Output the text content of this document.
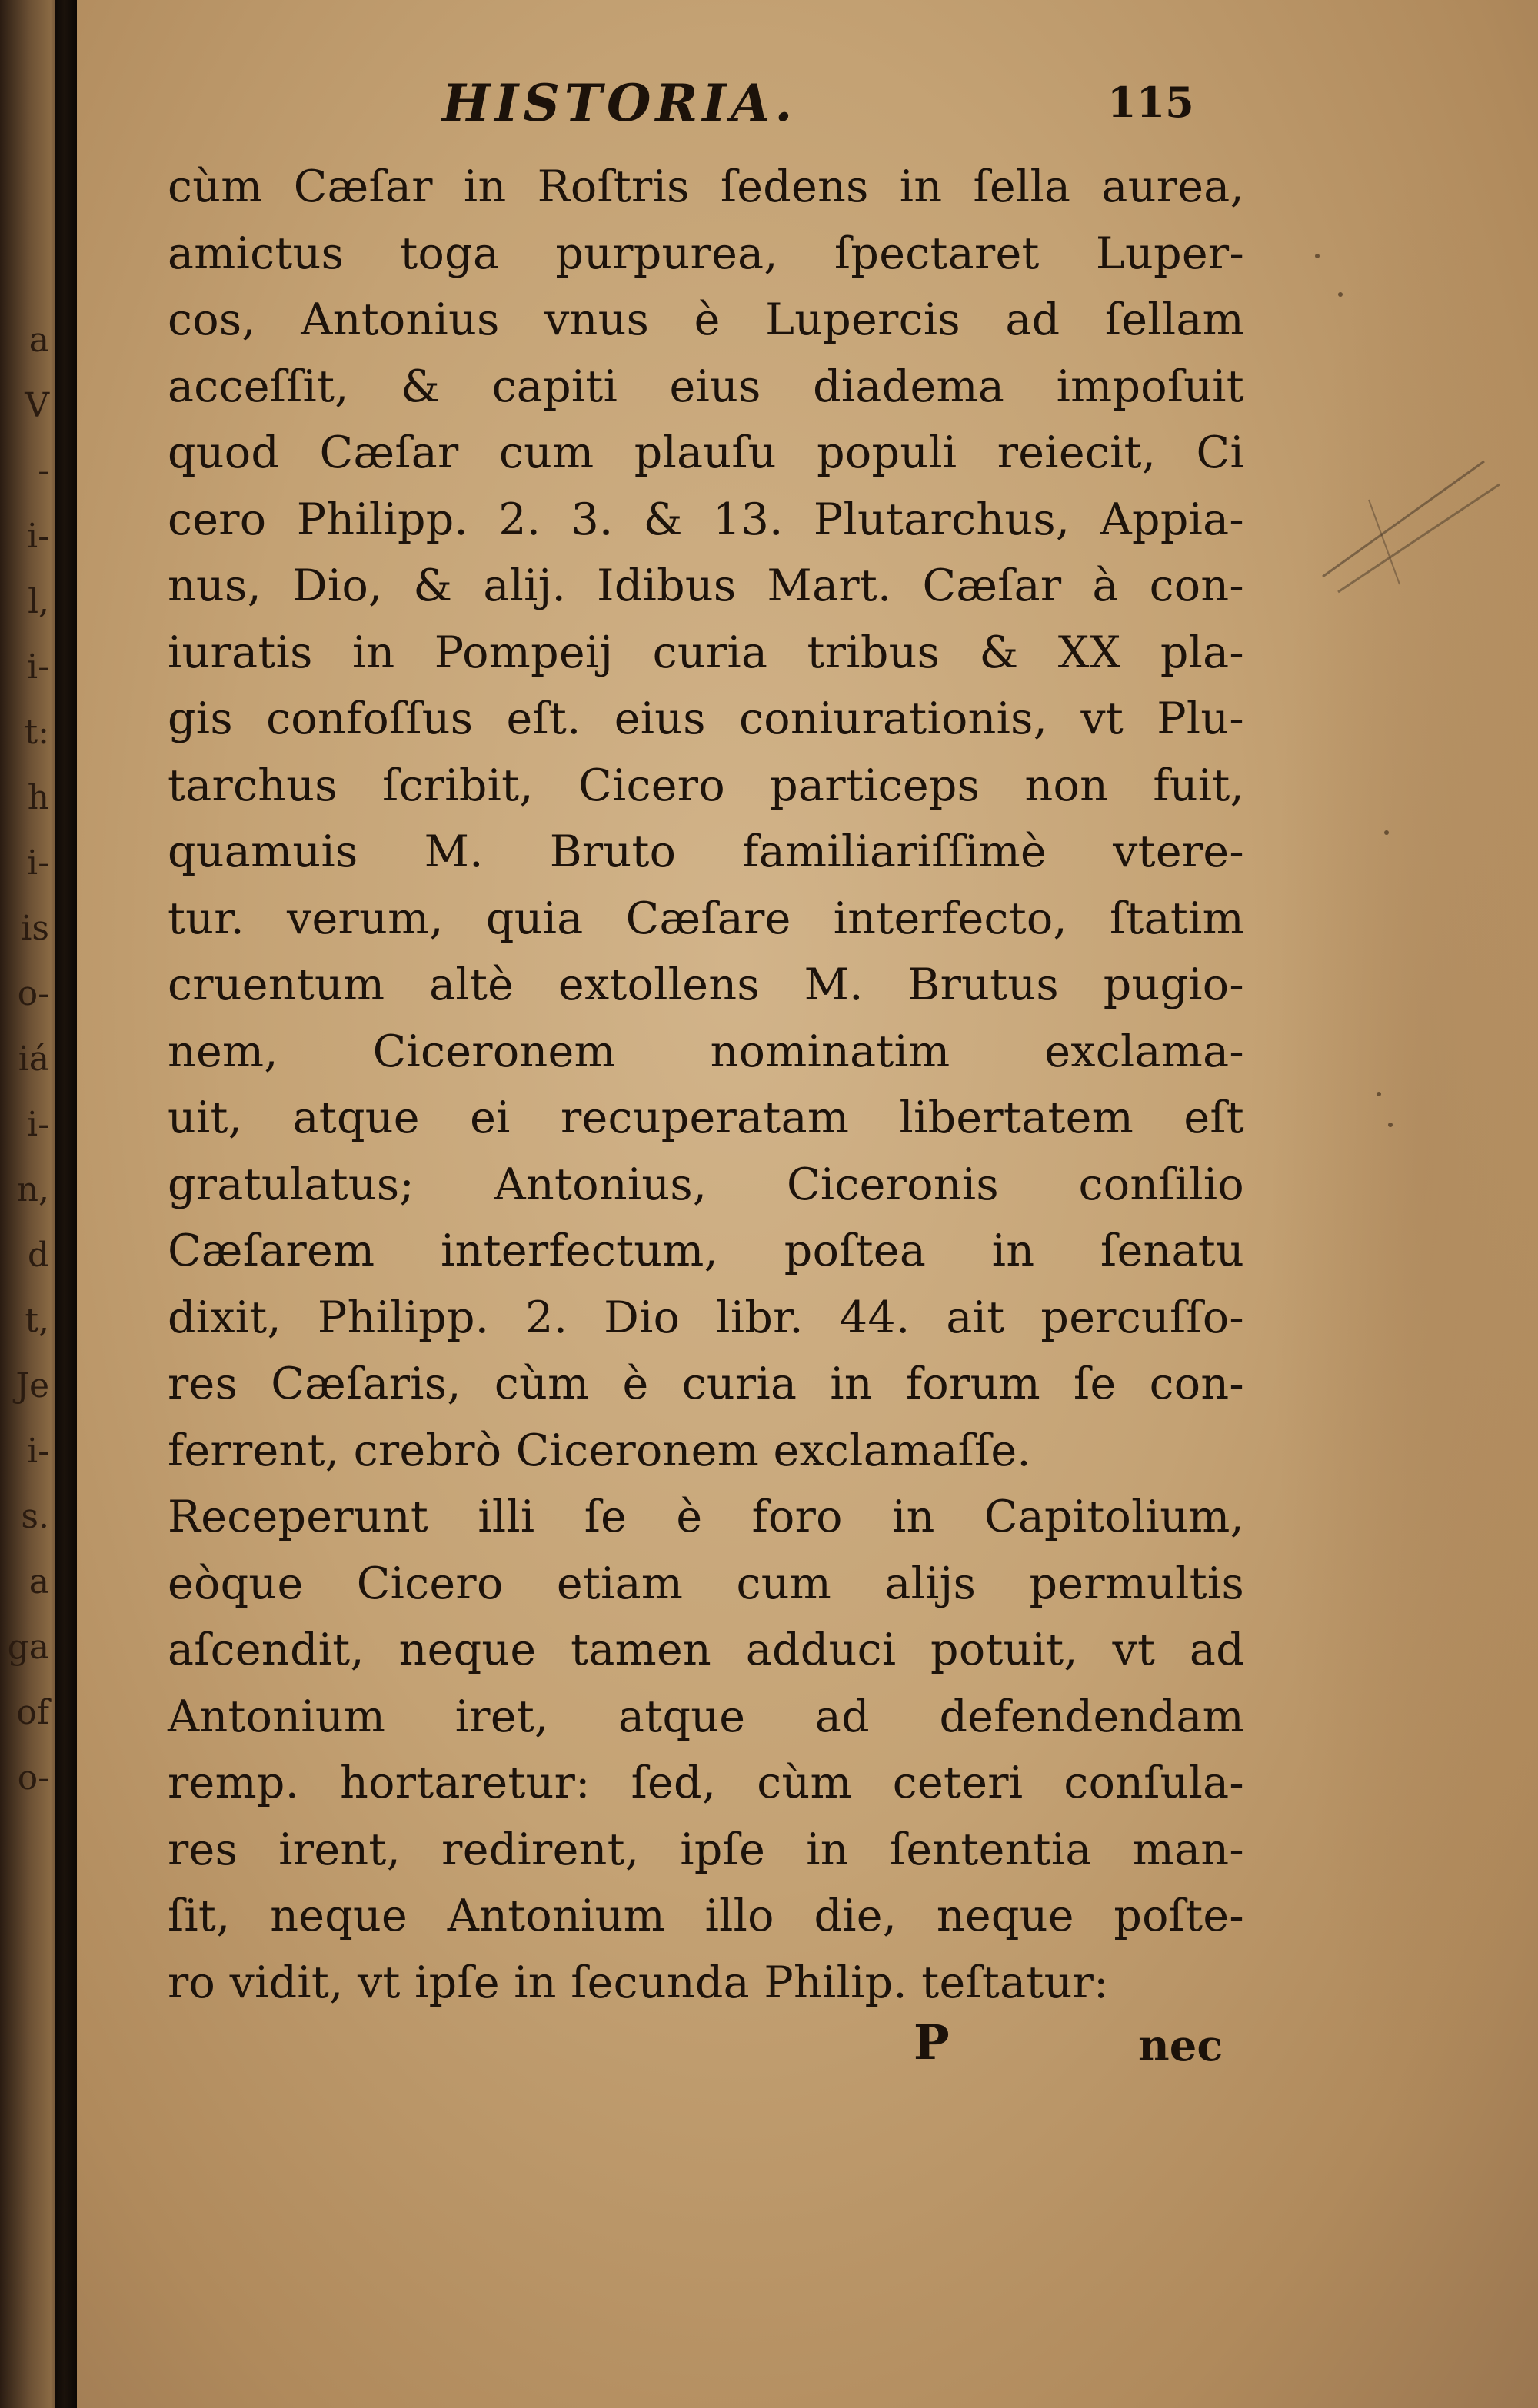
HISTORIA.	115
cùm Cæſar in Roſtris ſedens in ſella aurea,
amictus toga purpurea, ſpectaret Luper-
cos, Antonius vnus è Lupercis ad ſellam
acceſſit, & capiti eius diadema impoſuit
quod Cæſar cum plauſu populi reiecit, Ci
cero Philipp. 2. 3. & 13. Plutarchus, Appia-
nus, Dio, & alij. Idibus Mart. Cæſar à con-
iuratis in Pompeij curia tribus & XX pla-
gis confoſſus eſt. eius coniurationis, vt Plu-
tarchus ſcribit, Cicero particeps non fuit,
quamuis M. Bruto familiariſſimè vtere-
tur. verum, quia Cæſare interfecto, ſtatim
cruentum altè extollens M. Brutus pugio-
nem, Ciceronem nominatim exclama-
uit, atque ei recuperatam libertatem eſt
gratulatus; Antonius, Ciceronis conſilio
Cæſarem interfectum, poſtea in ſenatu
dixit, Philipp. 2. Dio libr. 44. ait percuſſo-
res Cæſaris, cùm è curia in forum ſe con-
ferrent, crebrò Ciceronem exclamaſſe.
Receperunt illi ſe è foro in Capitolium,
eòque Cicero etiam cum alijs permultis
aſcendit, neque tamen adduci potuit, vt ad
Antonium iret, atque ad defendendam
remp. hortaretur: ſed, cùm ceteri conſula-
res irent, redirent, ipſe in ſententia man-
ſit, neque Antonium illo die, neque poſte-
ro vidit, vt ipſe in ſecunda Philip. teſtatur:
P	nec
a
V
-
i-
l,
i-
t:
h
i-
is
o-
iá
i-
n,
d
t,
Je
i-
s.
a
ga
of
o-
